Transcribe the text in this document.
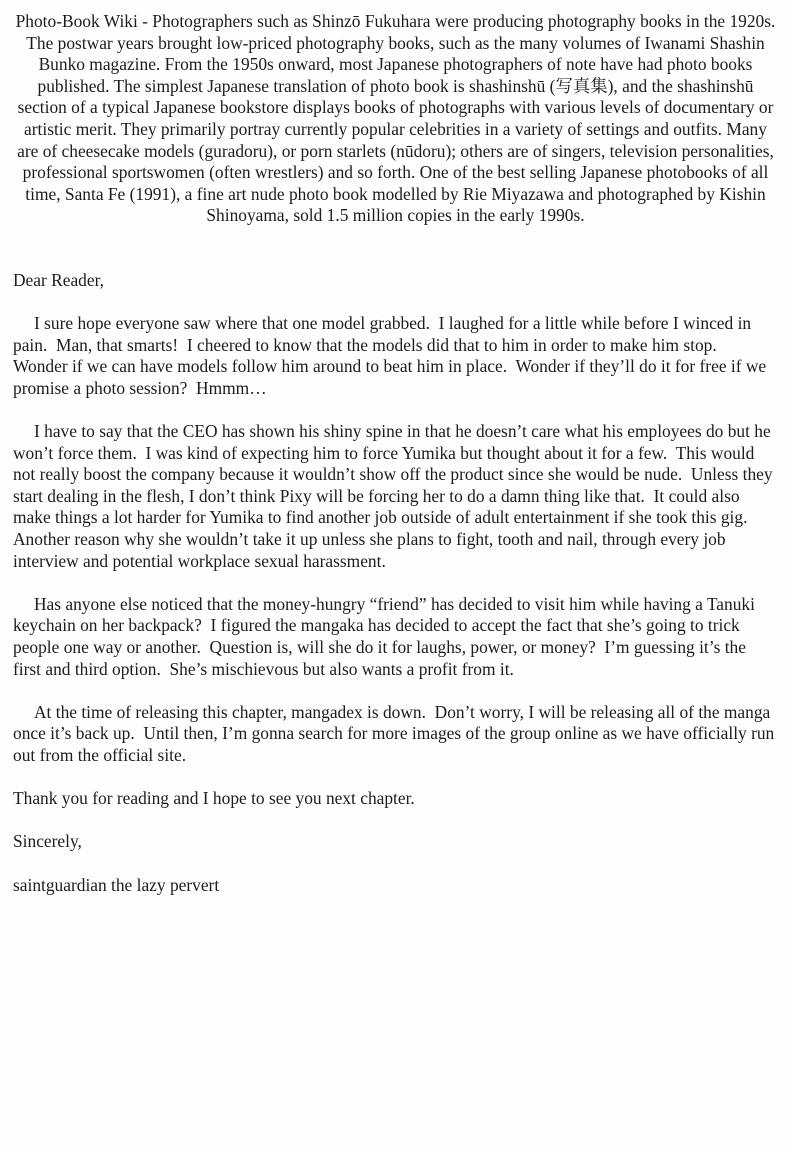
Photo-Book Wiki - Photographers such as Shinzō Fukuhara were producing photography books in the 1920s. The postwar years brought low-priced photography books, such as the many volumes of Iwanami Shashin Bunko magazine. From the 1950s onward, most Japanese photographers of note have had photo books published. The simplest Japanese translation of photo book is shashinshū (写真集), and the shashinshū section of a typical Japanese bookstore displays books of photographs with various levels of documentary or artistic merit. They primarily portray currently popular celebrities in a variety of settings and outfits. Many are of cheesecake models (guradoru), or porn starlets (nūdoru); others are of singers, television personalities, professional sportswomen (often wrestlers) and so forth. One of the best selling Japanese photobooks of all time, Santa Fe (1991), a fine art nude photo book modelled by Rie Miyazawa and photographed by Kishin Shinoyama, sold 1.5 million copies in the early 1990s.

Dear Reader,

I sure hope everyone saw where that one model grabbed.  I laughed for a little while before I winced in pain.  Man, that smarts!  I cheered to know that the models did that to him in order to make him stop.  Wonder if we can have models follow him around to beat him in place.  Wonder if they’ll do it for free if we promise a photo session?  Hmmm…

I have to say that the CEO has shown his shiny spine in that he doesn’t care what his employees do but he won’t force them.  I was kind of expecting him to force Yumika but thought about it for a few.  This would not really boost the company because it wouldn’t show off the product since she would be nude.  Unless they start dealing in the flesh, I don’t think Pixy will be forcing her to do a damn thing like that.  It could also make things a lot harder for Yumika to find another job outside of adult entertainment if she took this gig.  Another reason why she wouldn’t take it up unless she plans to fight, tooth and nail, through every job interview and potential workplace sexual harassment.

Has anyone else noticed that the money-hungry “friend” has decided to visit him while having a Tanuki keychain on her backpack?  I figured the mangaka has decided to accept the fact that she’s going to trick people one way or another.  Question is, will she do it for laughs, power, or money?  I’m guessing it’s the first and third option.  She’s mischievous but also wants a profit from it.

At the time of releasing this chapter, mangadex is down.  Don’t worry, I will be releasing all of the manga once it’s back up.  Until then, I’m gonna search for more images of the group online as we have officially run out from the official site.

Thank you for reading and I hope to see you next chapter.

Sincerely,

saintguardian the lazy pervert
